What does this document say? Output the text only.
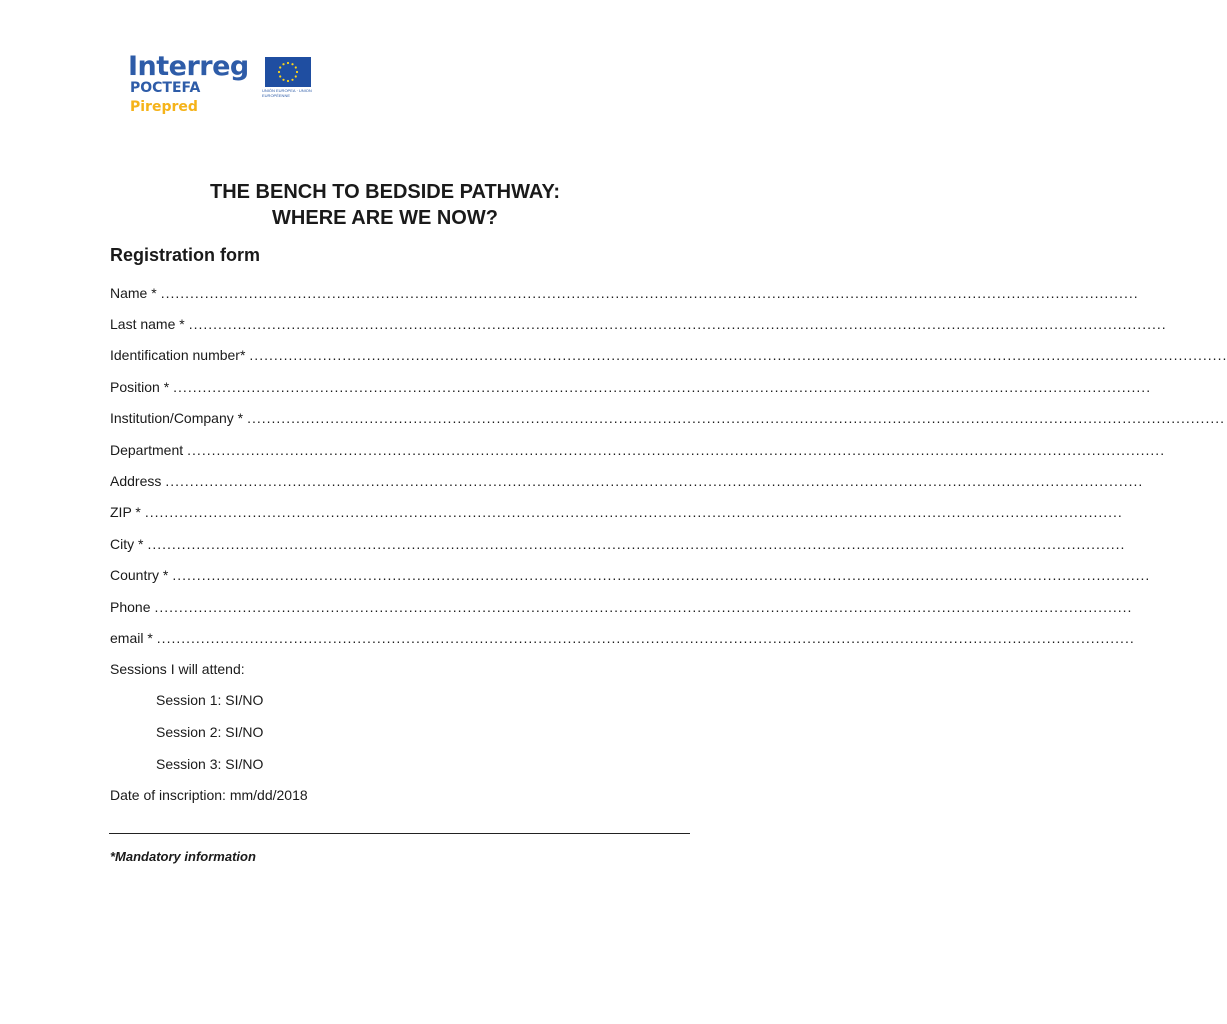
Interreg
POCTEFA
Pirepred
UNIÓN EUROPEA · UNION EUROPÉENNE
THE BENCH TO BEDSIDE PATHWAY:
WHERE ARE WE NOW?
Registration form
Name * ........................................................................................................................................................................................................
Last name * ........................................................................................................................................................................................................
Identification number* ........................................................................................................................................................................................................
Position * ........................................................................................................................................................................................................
Institution/Company * ........................................................................................................................................................................................................
Department ........................................................................................................................................................................................................
Address ........................................................................................................................................................................................................
ZIP * ........................................................................................................................................................................................................
City * ........................................................................................................................................................................................................
Country * ........................................................................................................................................................................................................
Phone ........................................................................................................................................................................................................
email * ........................................................................................................................................................................................................
Sessions I will attend:
Session 1: SI/NO
Session 2: SI/NO
Session 3: SI/NO
Date of inscription: mm/dd/2018
*Mandatory information
